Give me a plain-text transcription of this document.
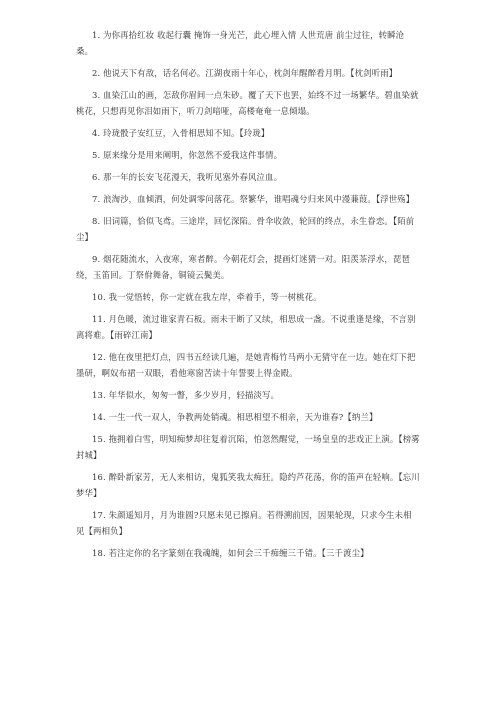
1. 为你再拾红妆 收起行囊 掩饰一身光芒，此心埋入情 人世荒唐 前尘过往，转瞬沧桑。

2. 他说天下有敌，话名何必。江湖夜雨十年心，枕剑年醒醉看月明。【枕剑听雨】

3. 血染江山的画，怎敌你眉间一点朱砂。覆了天下也罢，始终不过一场繁华。碧血染就桃花，只想再见你泪如雨下，听刀剑喑哑，高楼奄奄一息倾塌。

4. 玲珑骰子安红豆，入骨相思知不知。【玲珑】

5. 原来缘分是用来阐明，你忽然不爱我这件事情。

6. 那一年的长安飞花漫天，我听见塞外春风泣血。

7. 浪淘沙，血倾洒，何处调零问落花。祭繁华，谁唱魂兮归来风中漫蒹葭。【浮世殇】

8. 旧词篇，恰似飞鸢。三途岸，回忆深陷。骨伞收敛，轮回的终点，永生眷恋。【陌前尘】

9. 烟花随流水，入夜寒，寒者醉。今朝花灯会，提画灯迷猜一对。阳羡茶浮水，琵琶绕，玉笛回。丁祭佾舞备，铜镜云鬓美。

10. 我一觉悟转，你一定就在我左岸，牵着手，等一树桃花。

11. 月色暖，流过谁家青石板。雨未干断了又续，相思成一盏。不说重逢是缘，不言别离将难。【雨碎江南】

12. 他在夜里把灯点，四书五经读几遍，是她青梅竹马两小无猜守在一边。她在灯下把墨研，啊奴布裙一双眼，看他寒窗苦读十年誓要上得金殿。

13. 年华似水，匆匆一瞥，多少岁月，轻描淡写。

14. 一生一代一双人，争教两处销魂。相思相望不相亲，天为谁春?【纳兰】

15. 拖拥着白雪，明知痴梦却往复着沉陷，怕忽然醒觉，一场皇皇的悲戏正上演。【榜雾封城】

16. 醉卧新家芳，无人来相访，鬼狐笑我太痴狂。隐约芦花荡，你的笛声在轻响。【忘川梦华】

17. 朱颜遥知月，月为谁圆?只愿未见已擦肩。若得溯前因，因果轮现，只求今生未相见【两相负】

18. 若注定你的名字篆刻在我魂魄，如何会三千痴缠三千错。【三千渡尘】
